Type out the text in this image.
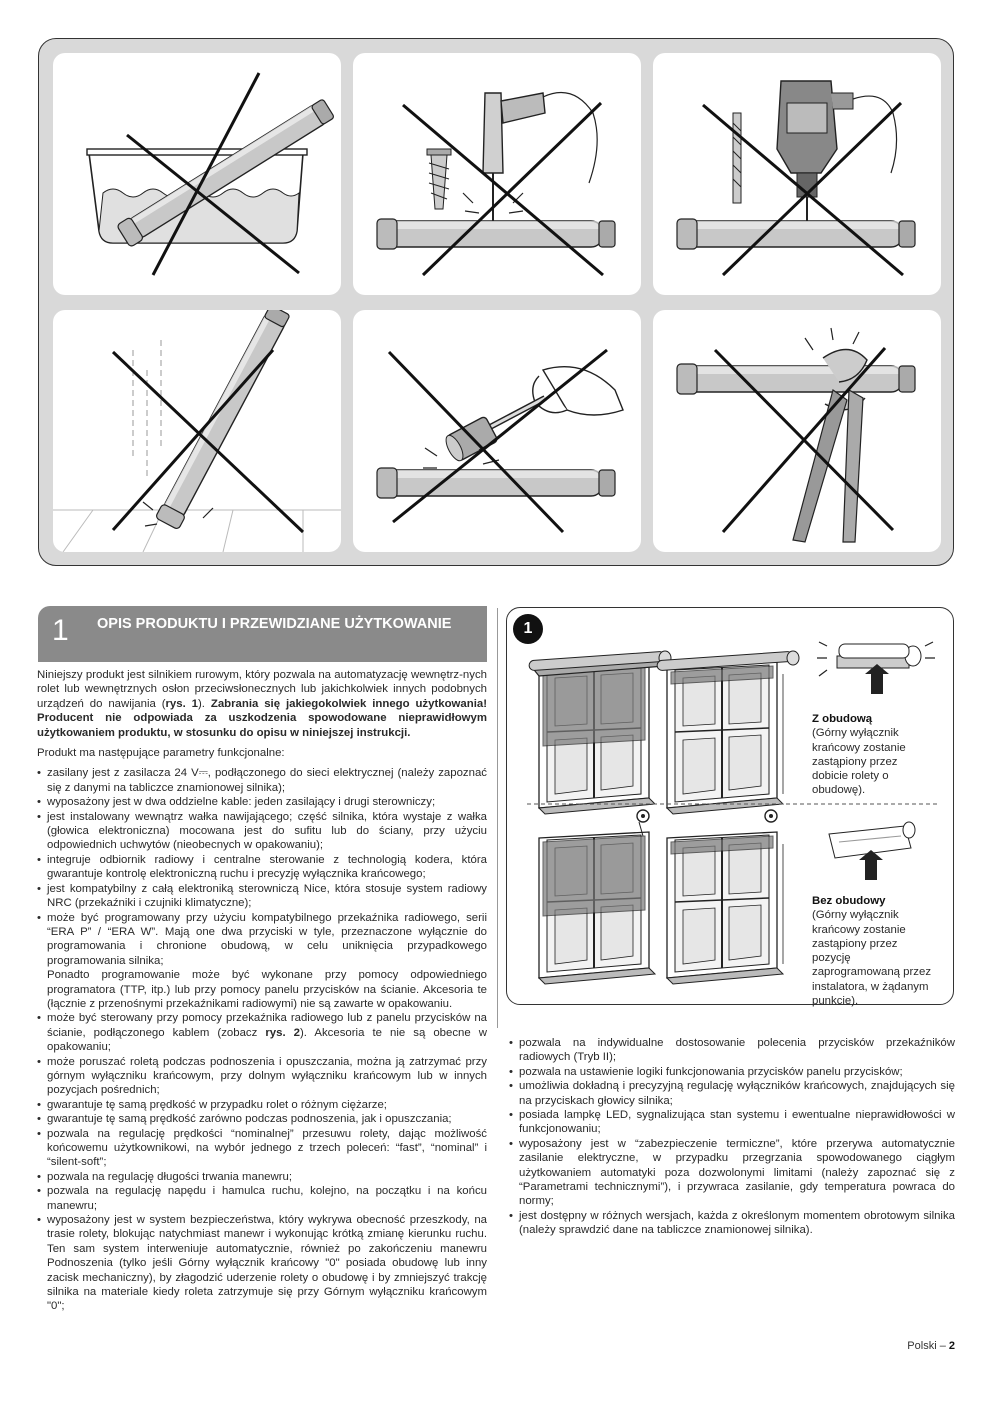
1 OPIS PRODUKTU I PRZEWIDZIANE UŻYTKOWANIE

Niniejszy produkt jest silnikiem rurowym, który pozwala na automatyzację wewnętrz-nych rolet lub wewnętrznych osłon przeciwsłonecznych lub jakichkolwiek innych podobnych urządzeń do nawijania (rys. 1). Zabrania się jakiegokolwiek innego użytkowania! Producent nie odpowiada za uszkodzenia spowodowane nieprawidłowym użytkowaniem produktu, w stosunku do opisu w niniejszej instrukcji.

Produkt ma następujące parametry funkcjonalne:

• zasilany jest z zasilacza 24 V⎓, podłączonego do sieci elektrycznej (należy zapoznać się z danymi na tabliczce znamionowej silnika);
• wyposażony jest w dwa oddzielne kable: jeden zasilający i drugi sterowniczy;
• jest instalowany wewnątrz wałka nawijającego; część silnika, która wystaje z wałka (głowica elektroniczna) mocowana jest do sufitu lub do ściany, przy użyciu odpowiednich uchwytów (nieobecnych w opakowaniu);
• integruje odbiornik radiowy i centralne sterowanie z technologią kodera, która gwarantuje kontrolę elektroniczną ruchu i precyzję wyłącznika krańcowego;
• jest kompatybilny z całą elektroniką sterowniczą Nice, która stosuje system radiowy NRC (przekaźniki i czujniki klimatyczne);
• może być programowany przy użyciu kompatybilnego przekaźnika radiowego, serii “ERA P” / “ERA W”. Mają one dwa przyciski w tyle, przeznaczone wyłącznie do programowania i chronione obudową, w celu uniknięcia przypadkowego programowania silnika;
Ponadto programowanie może być wykonane przy pomocy odpowiedniego programatora (TTP, itp.) lub przy pomocy panelu przycisków na ścianie. Akcesoria te (łącznie z przenośnymi przekaźnikami radiowymi) nie są zawarte w opakowaniu.
• może być sterowany przy pomocy przekaźnika radiowego lub z panelu przycisków na ścianie, podłączonego kablem (zobacz rys. 2). Akcesoria te nie są obecne w opakowaniu;
• może poruszać roletą podczas podnoszenia i opuszczania, można ją zatrzymać przy górnym wyłączniku krańcowym, przy dolnym wyłączniku krańcowym lub w innych pozycjach pośrednich;
• gwarantuje tę samą prędkość w przypadku rolet o różnym ciężarze;
• gwarantuje tę samą prędkość zarówno podczas podnoszenia, jak i opuszczania;
• pozwala na regulację prędkości “nominalnej” przesuwu rolety, dając możliwość końcowemu użytkownikowi, na wybór jednego z trzech poleceń: “fast”, “nominal” i “silent-soft”;
• pozwala na regulację długości trwania manewru;
• pozwala na regulację napędu i hamulca ruchu, kolejno, na początku i na końcu manewru;
• wyposażony jest w system bezpieczeństwa, który wykrywa obecność przeszkody, na trasie rolety, blokując natychmiast manewr i wykonując krótką zmianę kierunku ruchu. Ten sam system interweniuje automatycznie, również po zakończeniu manewru Podnoszenia (tylko jeśli Górny wyłącznik krańcowy "0" posiada obudowę lub inny zacisk mechaniczny), by złagodzić uderzenie rolety o obudowę i by zmniejszyć trakcję silnika na materiale kiedy roleta zatrzymuje się przy Górnym wyłączniku krańcowym "0";
1
Z obudową
(Górny wyłącznik krańcowy zostanie zastąpiony przez dobicie rolety o obudowę).
Bez obudowy
(Górny wyłącznik krańcowy zostanie zastąpiony przez pozycję zaprogramowaną przez instalatora, w żądanym punkcie).
• pozwala na indywidualne dostosowanie polecenia przycisków przekaźników radiowych (Tryb II);
• pozwala na ustawienie logiki funkcjonowania przycisków panelu przycisków;
• umożliwia dokładną i precyzyjną regulację wyłączników krańcowych, znajdujących się na przyciskach głowicy silnika;
• posiada lampkę LED, sygnalizująca stan systemu i ewentualne nieprawidłowości w funkcjonowaniu;
• wyposażony jest w “zabezpieczenie termiczne”, które przerywa automatycznie zasilanie elektryczne, w przypadku przegrzania spowodowanego ciągłym użytkowaniem automatyki poza dozwolonymi limitami (należy zapoznać się z “Parametrami technicznymi”), i przywraca zasilanie, gdy temperatura powraca do normy;
• jest dostępny w różnych wersjach, każda z określonym momentem obrotowym silnika (należy sprawdzić dane na tabliczce znamionowej silnika).
Polski – 2
